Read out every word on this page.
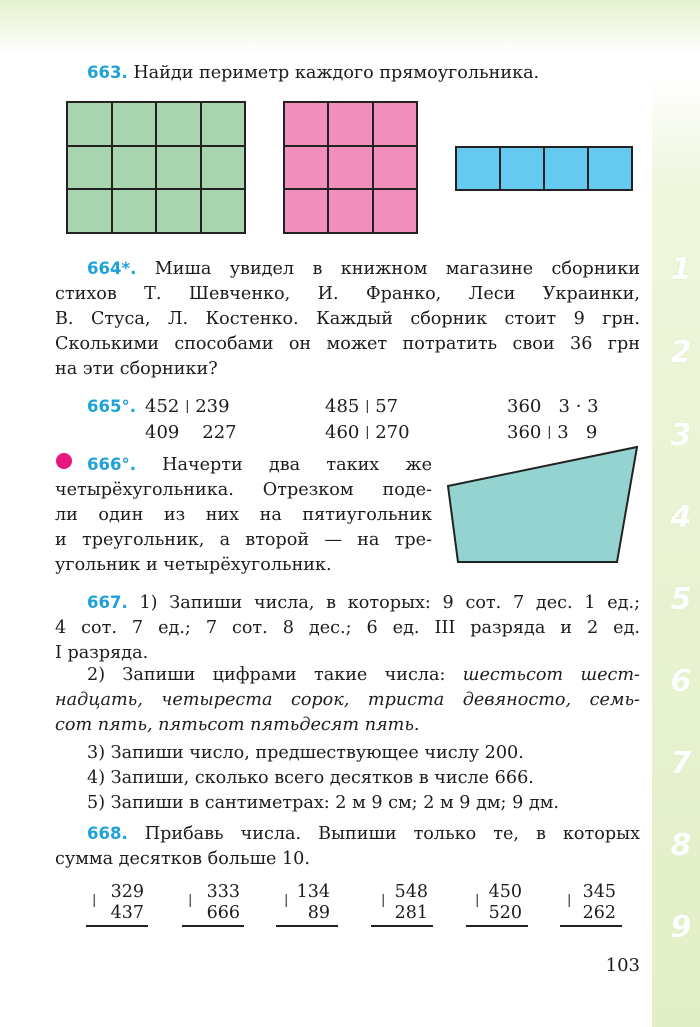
1
2
3
4
5
6
7
8
9
663. Найди периметр каждого прямоугольника.
664*. Миша увидел в книжном магазине сборники
стихов Т. Шевченко, И. Франко, Леси Украинки,
В. Стуса, Л. Костенко. Каждый сборник стоит 9 грн.
Сколькими способами он может потратить свои 36 грн
на эти сборники?
665°. 452 | 239
409 227
485 | 57
460 | 270
360 3 · 3
360 | 3 9
666°. Начерти два таких же
четырёхугольника. Отрезком поде-
ли один из них на пятиугольник
и треугольник, а второй — на тре-
угольник и четырёхугольник.
667. 1) Запиши числа, в которых: 9 сот. 7 дес. 1 ед.;
4 сот. 7 ед.; 7 сот. 8 дес.; 6 ед. III разряда и 2 ед.
I разряда.
2) Запиши цифрами такие числа: шестьсот шест-
надцать, четыреста сорок, триста девяносто, семь-
сот пять, пятьсот пятьдесят пять.
3) Запиши число, предшествующее числу 200.
4) Запиши, сколько всего десятков в числе 666.
5) Запиши в сантиметрах: 2 м 9 см; 2 м 9 дм; 9 дм.
668. Прибавь числа. Выпиши только те, в которых
сумма десятков больше 10.
| 329
437
| 333
666
| 134
89
| 548
281
| 450
520
| 345
262
103
